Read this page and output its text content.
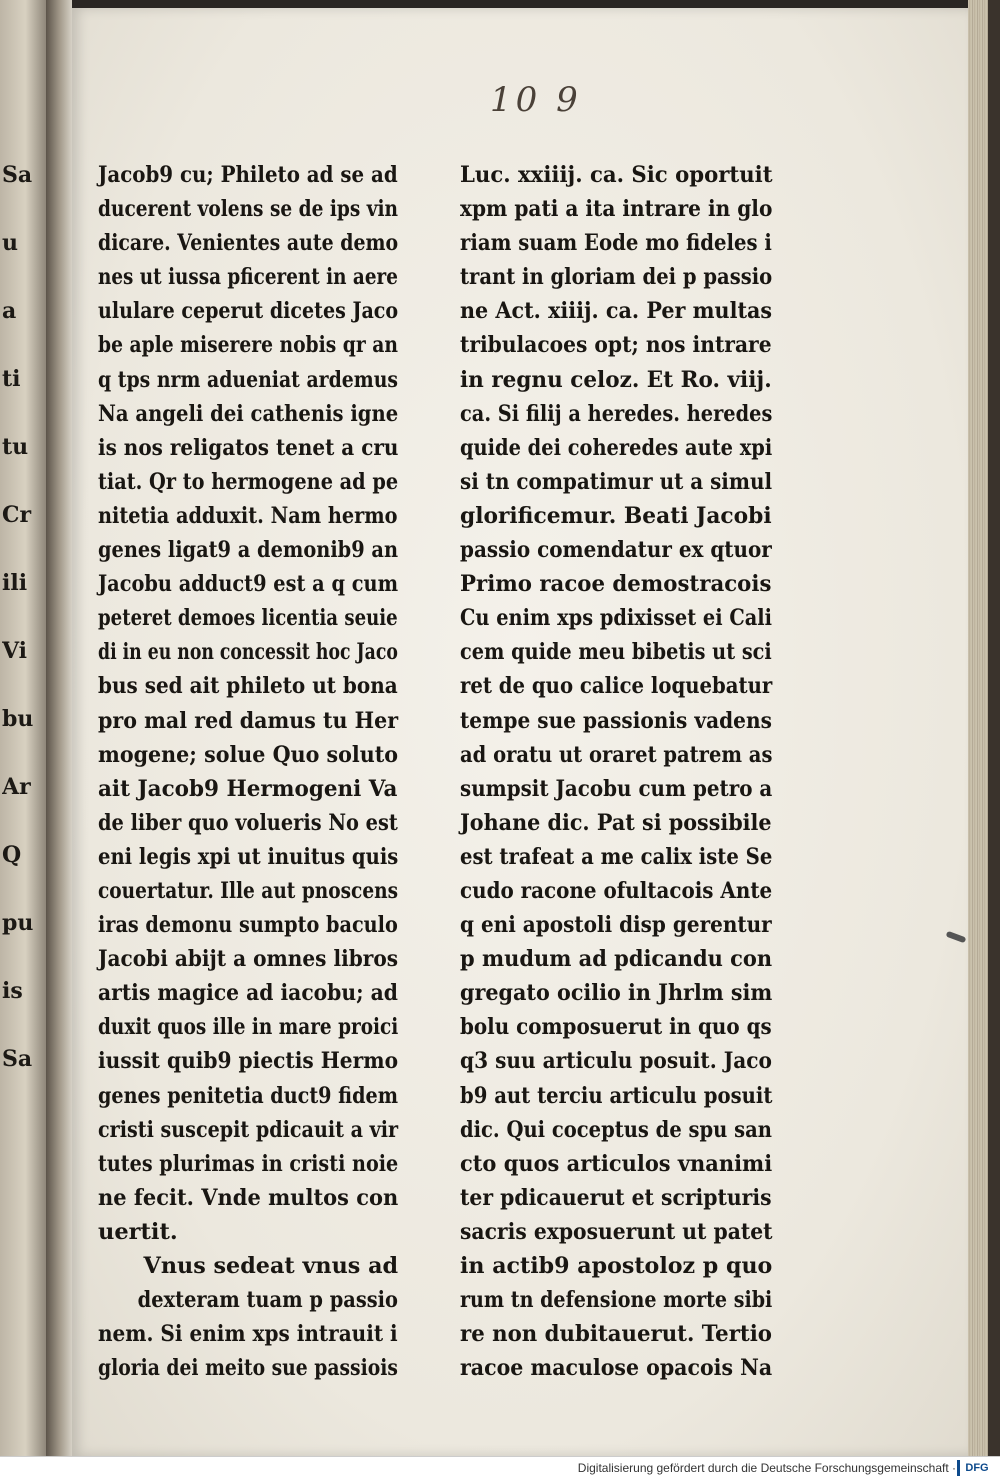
Sa
u
a
ti
tu
Cr
ili
Vi
bu
Ar
Q
pu
is
Sa
10 9
Jacob9 cu; Phileto ad se ad
ducerent volens se de ips vin
dicare. Venientes aute demo
nes ut iussa pficerent in aere
ululare ceperut dicetes Jaco
be aple miserere nobis qr an
q tps nrm adueniat ardemus
Na angeli dei cathenis igne
is nos religatos tenet a cru
tiat. Qr to hermogene ad pe
nitetia adduxit. Nam hermo
genes ligat9 a demonib9 an
Jacobu adduct9 est a q cum
peteret demoes licentia seuie
di in eu non concessit hoc Jaco
bus sed ait phileto ut bona
pro mal red damus tu Her
mogene; solue Quo soluto
ait Jacob9 Hermogeni Va
de liber quo volueris No est
eni legis xpi ut inuitus quis
couertatur. Ille aut pnoscens
iras demonu sumpto baculo
Jacobi abijt a omnes libros
artis magice ad iacobu; ad
duxit quos ille in mare proici
iussit quib9 piectis Hermo
genes penitetia duct9 fidem
cristi suscepit pdicauit a vir
tutes plurimas in cristi noie
ne fecit. Vnde multos con
uertit.
Vnus sedeat vnus ad
dexteram tuam p passio
nem. Si enim xps intrauit i
gloria dei meito sue passiois
Luc. xxiiij. ca. Sic oportuit
xpm pati a ita intrare in glo
riam suam Eode mo fideles i
trant in gloriam dei p passio
ne Act. xiiij. ca. Per multas
tribulacoes opt; nos intrare
in regnu celoz. Et Ro. viij.
ca. Si filij a heredes. heredes
quide dei coheredes aute xpi
si tn compatimur ut a simul
glorificemur. Beati Jacobi
passio comendatur ex qtuor
Primo racoe demostracois
Cu enim xps pdixisset ei Cali
cem quide meu bibetis ut sci
ret de quo calice loquebatur
tempe sue passionis vadens
ad oratu ut oraret patrem as
sumpsit Jacobu cum petro a
Johane dic. Pat si possibile
est trafeat a me calix iste Se
cudo racone ofultacois Ante
q eni apostoli disp gerentur
p mudum ad pdicandu con
gregato ocilio in Jhrlm sim
bolu composuerut in quo qs
q3 suu articulu posuit. Jaco
b9 aut terciu articulu posuit
dic. Qui coceptus de spu san
cto quos articulos vnanimi
ter pdicauerut et scripturis
sacris exposuerunt ut patet
in actib9 apostoloz p quo
rum tn defensione morte sibi
re non dubitauerut. Tertio
racoe maculose opacois Na
Digitalisierung gefördert durch die Deutsche Forschungsgemeinschaft · DFG
